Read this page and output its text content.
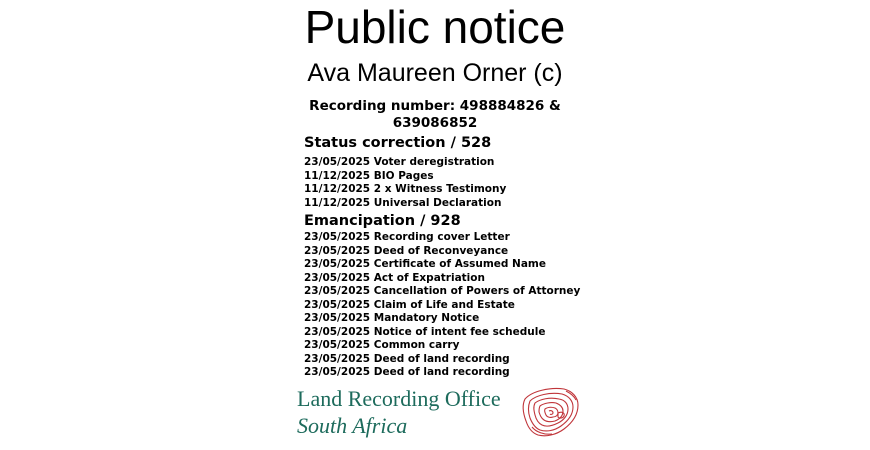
Public notice
Ava Maureen Orner (c)
Recording number: 498884826 &
639086852
Status correction / 528
23/05/2025 Voter deregistration
11/12/2025 BIO Pages
11/12/2025 2 x Witness Testimony
11/12/2025 Universal Declaration
Emancipation / 928
23/05/2025 Recording cover Letter
23/05/2025 Deed of Reconveyance
23/05/2025 Certificate of Assumed Name
23/05/2025 Act of Expatriation
23/05/2025 Cancellation of Powers of Attorney
23/05/2025 Claim of Life and Estate
23/05/2025 Mandatory Notice
23/05/2025 Notice of intent fee schedule
23/05/2025 Common carry
23/05/2025 Deed of land recording
23/05/2025 Deed of land recording
Land Recording Office
South Africa
